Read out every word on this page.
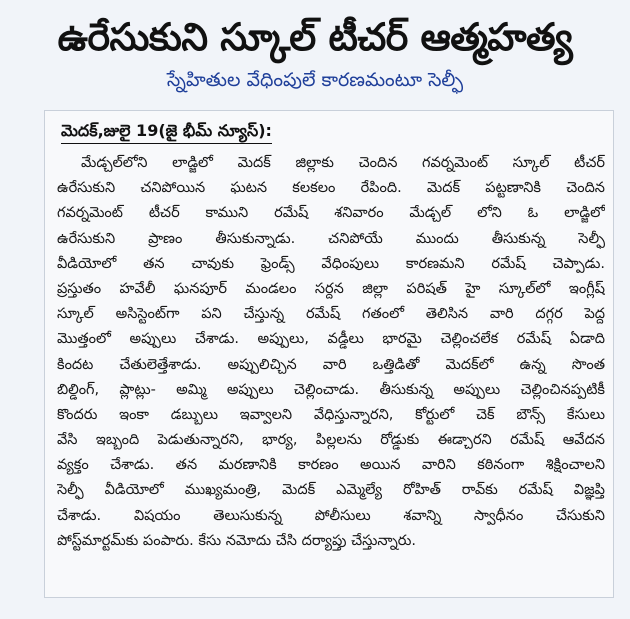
ఉరేసుకుని స్కూల్ టీచర్ ఆత్మహత్య
స్నేహితుల వేధింపులే కారణమంటూ సెల్ఫీ
మెదక్,జులై 19(జై భీమ్ న్యూస్):
మేడ్చల్‌లోని లాడ్జిలో మెదక్ జిల్లాకు చెందిన గవర్నమెంట్ స్కూల్ టీచర్
ఉరేసుకుని చనిపోయిన ఘటన కలకలం రేపింది. మెదక్ పట్టణానికి చెందిన
గవర్నమెంట్ టీచర్ కాముని రమేష్ శనివారం మేడ్చల్ లోని ఓ లాడ్జిలో
ఉరేసుకుని ప్రాణం తీసుకున్నాడు. చనిపోయే ముందు తీసుకున్న సెల్ఫీ
వీడియోలో తన చావుకు ఫ్రెండ్స్ వేధింపులు కారణమని రమేష్ చెప్పాడు.
ప్రస్తుతం హవేలీ ఘనపూర్ మండలం సర్దన జిల్లా పరిషత్ హై స్కూల్‌లో ఇంగ్లీష్
స్కూల్ అసిస్టెంట్‌గా పని చేస్తున్న రమేష్ గతంలో తెలిసిన వారి దగ్గర పెద్ద
మొత్తంలో అప్పులు చేశాడు. అప్పులు, వడ్డీలు భారమై చెల్లించలేక రమేష్ ఏడాది
కిందట చేతులెత్తేశాడు. అప్పులిచ్చిన వారి ఒత్తిడితో మెదక్‌లో ఉన్న సొంత
బిల్డింగ్, ప్లాట్లు- అమ్మి అప్పులు చెల్లించాడు. తీసుకున్న అప్పులు చెల్లించినప్పటికీ
కొందరు ఇంకా డబ్బులు ఇవ్వాలని వేధిస్తున్నారని, కోర్టులో చెక్ బౌన్స్ కేసులు
వేసి ఇబ్బంది పెడుతున్నారని, భార్య, పిల్లలను రోడ్డుకు ఈడ్చారని రమేష్ ఆవేదన
వ్యక్తం చేశాడు. తన మరణానికి కారణం అయిన వారిని కఠినంగా శిక్షించాలని
సెల్ఫీ వీడియోలో ముఖ్యమంత్రి, మెదక్ ఎమ్మెల్యే రోహిత్ రావ్‌కు రమేష్ విజ్ఞప్తి
చేశాడు. విషయం తెలుసుకున్న పోలీసులు శవాన్ని స్వాధీనం చేసుకుని
పోస్ట్‌మార్టమ్‌కు పంపారు. కేసు నమోదు చేసి దర్యాప్తు చేస్తున్నారు.
